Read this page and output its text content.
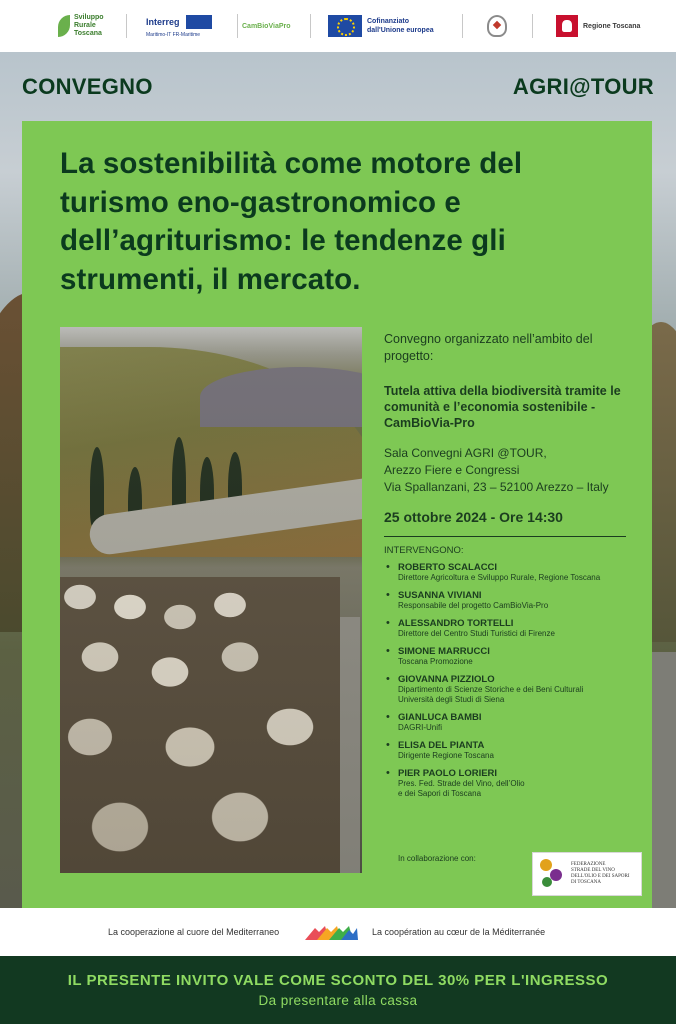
Sviluppo
Rurale
Toscana
Interreg
Maritimo-IT FR-Maritime
CamBioViaPro
Cofinanziato
dall'Unione europea
Regione Toscana
CONVEGNO	AGRI@TOUR
La sostenibilità come motore del turismo eno-gastronomico e dell’agriturismo: le tendenze gli strumenti, il mercato.

Convegno organizzato nell’ambito del progetto:

Tutela attiva della biodiversità tramite le comunità e l’economia sostenibile - CamBioVia-Pro

Sala Convegni AGRI @TOUR,
Arezzo Fiere e Congressi
Via Spallanzani, 23 – 52100 Arezzo – Italy
25 ottobre 2024 - Ore 14:30
INTERVENGONO:
• ROBERTO SCALACCI
Direttore Agricoltura e Sviluppo Rurale, Regione Toscana
• SUSANNA VIVIANI
Responsabile del progetto CamBioVia-Pro
• ALESSANDRO TORTELLI
Direttore del Centro Studi Turistici di Firenze
• SIMONE MARRUCCI
Toscana Promozione
• GIOVANNA PIZZIOLO
Dipartimento di Scienze Storiche e dei Beni Culturali
Università degli Studi di Siena
• GIANLUCA BAMBI
DAGRI-Unifi
• ELISA DEL PIANTA
Dirigente Regione Toscana
• PIER PAOLO LORIERI
Pres. Fed. Strade del Vino, dell’Olio
e dei Sapori di Toscana
In collaborazione con:
FEDERAZIONE
STRADE DEL VINO
DELL'OLIO E DEI SAPORI
DI TOSCANA
La cooperazione al cuore del Mediterraneo	La coopération au cœur de la Méditerranée
IL PRESENTE INVITO VALE COME SCONTO DEL 30% PER L'INGRESSO
Da presentare alla cassa
